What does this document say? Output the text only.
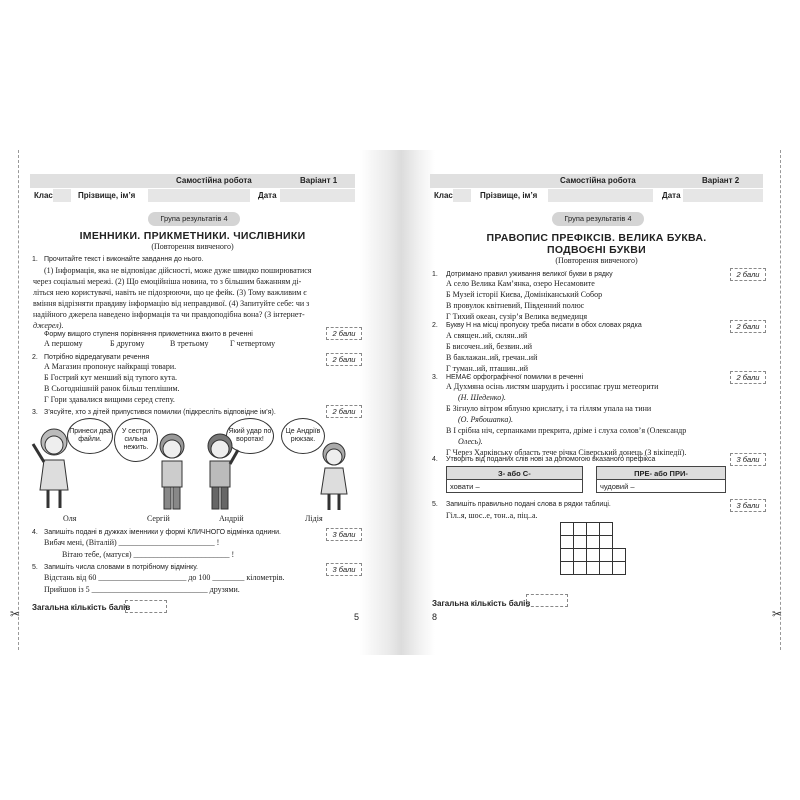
✂	✂
Самостійна робота	Варіант 1
Клас	Прізвище, ім’я	Дата
Група результатів 4
ІМЕННИКИ. ПРИКМЕТНИКИ. ЧИСЛІВНИКИ
(Повторення вивченого)
1. Прочитайте текст і виконайте завдання до нього.
(1) Інформація, яка не відповідає дійсності, може дуже швидко поширюватися
через соціальні мережі. (2) Що емоційніша новина, то з більшим бажанням ді-
літься нею користувачі, навіть не підозрюючи, що це фейк. (3) Тому важливим є
вміння відрізняти правдиву інформацію від неправдивої. (4) Запитуйте себе: чи з
надійного джерела наведено інформація та чи правдоподібна вона? (З інтернет-
джерел).
Форму вищого ступеня порівняння прикметника вжито в реченні	2 бали
А першому	Б другому	В третьому	Г четвертому
2. Потрібно відредагувати речення	2 бали
А Магазин пропонує найкращі товари.
Б Гострий кут менший від тупого кута.
В Сьогоднішній ранок більш теплішим.
Г Гори здавалися вищими серед степу.
3. З’ясуйте, хто з дітей припустився помилки (підкресліть відповідне ім’я).	2 бали
Принеси два файли.
У сестри сильна нежить.
Який удар по воротах!
Це Андріїв рюкзак.
Оля	Сергій	Андрій	Лідія
4. Запишіть подані в дужках іменники у формі КЛИЧНОГО відмінка однини.	3 бали
Вибач мені, (Віталій) ________________________ !
Вітаю тебе, (матуся) ________________________ !
5. Запишіть числа словами в потрібному відмінку.	3 бали
Відстань від 60 ______________________ до 100 ________ кілометрів.
Прийшов із 5 _____________________________ друзями.
Загальна кількість балів
5
Самостійна робота	Варіант 2
Клас	Прізвище, ім’я	Дата
Група результатів 4
ПРАВОПИС ПРЕФІКСІВ. ВЕЛИКА БУКВА.
ПОДВОЄНІ БУКВИ
(Повторення вивченого)
1. Дотримано правил уживання великої букви в рядку	2 бали
А село Велика Кам’янка, озеро Несамовите
Б Музей історії Києва, Домініканський Собор
В провулок квітневий, Південний полюс
Г Тихий океан, сузір’я Велика ведмедиця
2. Букву Н на місці пропуску треба писати в обох словах рядка	2 бали
А священ..ий, склян..ий
Б височен..ий, безвин..ий
В баклажан..ий, гречан..ий
Г туман..ий, пташин..ий
3. НЕМАЄ орфографічної помилки в реченні	2 бали
А Духмяна осінь листям шарудить і россипає груш метеорити
(Н. Шеденко).
Б Зігнуло вітром яблуню крислату, і та гіллям упала на тини
(О. Рябошапка).
В І срібна ніч, серпанками прекрита, дріме і слуха солов’я (Олександр
Олесь).
Г Через Харківську область тече річка Сіверський донець (З вікіпедії).
4. Утворіть від поданих слів нові за допомогою вказаного префікса	3 бали
З- або С-		ПРЕ- або ПРИ-
ховати –		чудовий –
5. Запишіть правильно подані слова в рядки таблиці.	3 бали
Гіл..я, шос..е, тон..а, піц..а.
Загальна кількість балів
8
